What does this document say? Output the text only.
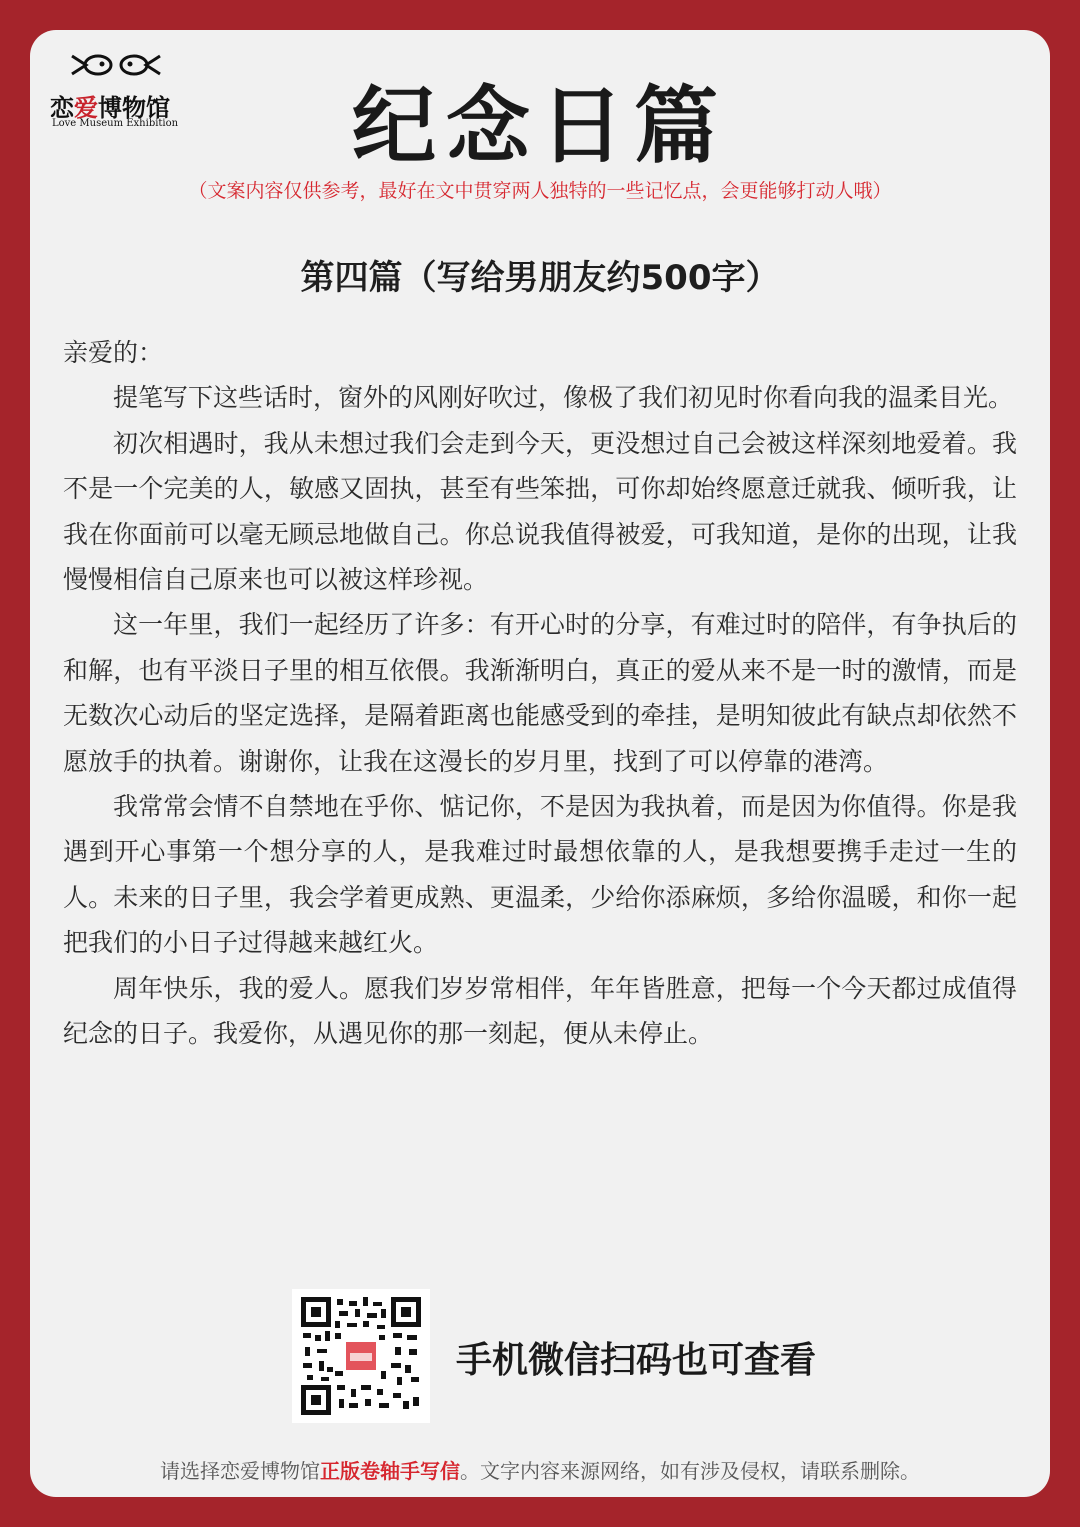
恋爱博物馆
Love Museum Exhibition	纪念日篇
（文案内容仅供参考，最好在文中贯穿两人独特的一些记忆点，会更能够打动人哦）
第四篇（写给男朋友约500字）

亲爱的：

提笔写下这些话时，窗外的风刚好吹过，像极了我们初见时你看向我的温柔目光。

初次相遇时，我从未想过我们会走到今天，更没想过自己会被这样深刻地爱着。我不是一个完美的人，敏感又固执，甚至有些笨拙，可你却始终愿意迁就我、倾听我，让我在你面前可以毫无顾忌地做自己。你总说我值得被爱，可我知道，是你的出现，让我慢慢相信自己原来也可以被这样珍视。

这一年里，我们一起经历了许多：有开心时的分享，有难过时的陪伴，有争执后的和解，也有平淡日子里的相互依偎。我渐渐明白，真正的爱从来不是一时的激情，而是无数次心动后的坚定选择，是隔着距离也能感受到的牵挂，是明知彼此有缺点却依然不愿放手的执着。谢谢你，让我在这漫长的岁月里，找到了可以停靠的港湾。

我常常会情不自禁地在乎你、惦记你，不是因为我执着，而是因为你值得。你是我遇到开心事第一个想分享的人，是我难过时最想依靠的人，是我想要携手走过一生的人。未来的日子里，我会学着更成熟、更温柔，少给你添麻烦，多给你温暖，和你一起把我们的小日子过得越来越红火。

周年快乐，我的爱人。愿我们岁岁常相伴，年年皆胜意，把每一个今天都过成值得纪念的日子。我爱你，从遇见你的那一刻起，便从未停止。

手机微信扫码也可查看
请选择恋爱博物馆正版卷轴手写信。文字内容来源网络，如有涉及侵权，请联系删除。
